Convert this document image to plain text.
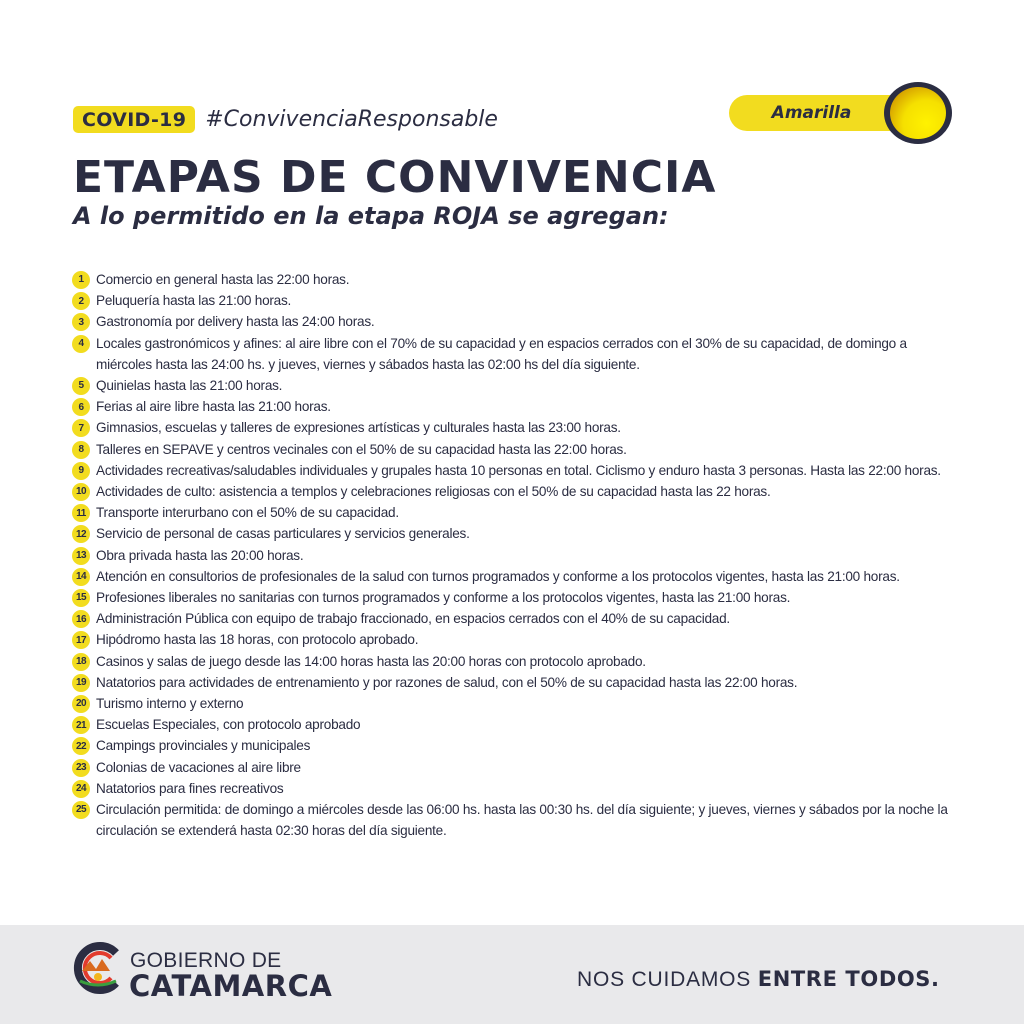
COVID-19 #ConvivenciaResponsable	Amarilla
ETAPAS DE CONVIVENCIA
A lo permitido en la etapa ROJA se agregan:
1 Comercio en general hasta las 22:00 horas.
2 Peluquería hasta las 21:00 horas.
3 Gastronomía por delivery hasta las 24:00 horas.
4 Locales gastronómicos y afines: al aire libre con el 70% de su capacidad y en espacios cerrados con el 30% de su capacidad, de domingo a miércoles hasta las 24:00 hs. y jueves, viernes y sábados hasta las 02:00 hs del día siguiente.
5 Quinielas hasta las 21:00 horas.
6 Ferias al aire libre hasta las 21:00 horas.
7 Gimnasios, escuelas y talleres de expresiones artísticas y culturales hasta las 23:00 horas.
8 Talleres en SEPAVE y centros vecinales con el 50% de su capacidad hasta las 22:00 horas.
9 Actividades recreativas/saludables individuales y grupales hasta 10 personas en total. Ciclismo y enduro hasta 3 personas. Hasta las 22:00 horas.
10 Actividades de culto: asistencia a templos y celebraciones religiosas con el 50% de su capacidad hasta las 22 horas.
11 Transporte interurbano con el 50% de su capacidad.
12 Servicio de personal de casas particulares y servicios generales.
13 Obra privada hasta las 20:00 horas.
14 Atención en consultorios de profesionales de la salud con turnos programados y conforme a los protocolos vigentes, hasta las 21:00 horas.
15 Profesiones liberales no sanitarias con turnos programados y conforme a los protocolos vigentes, hasta las 21:00 horas.
16 Administración Pública con equipo de trabajo fraccionado, en espacios cerrados con el 40% de su capacidad.
17 Hipódromo hasta las 18 horas, con protocolo aprobado.
18 Casinos y salas de juego desde las 14:00 horas hasta las 20:00 horas con protocolo aprobado.
19 Natatorios para actividades de entrenamiento y por razones de salud, con el 50% de su capacidad hasta las 22:00 horas.
20 Turismo interno y externo
21 Escuelas Especiales, con protocolo aprobado
22 Campings provinciales y municipales
23 Colonias de vacaciones al aire libre
24 Natatorios para fines recreativos
25 Circulación permitida: de domingo a miércoles desde las 06:00 hs. hasta las 00:30 hs. del día siguiente; y jueves, viernes y sábados por la noche la circulación se extenderá hasta 02:30 horas del día siguiente.
GOBIERNO DE
CATAMARCA	NOS CUIDAMOS ENTRE TODOS.
